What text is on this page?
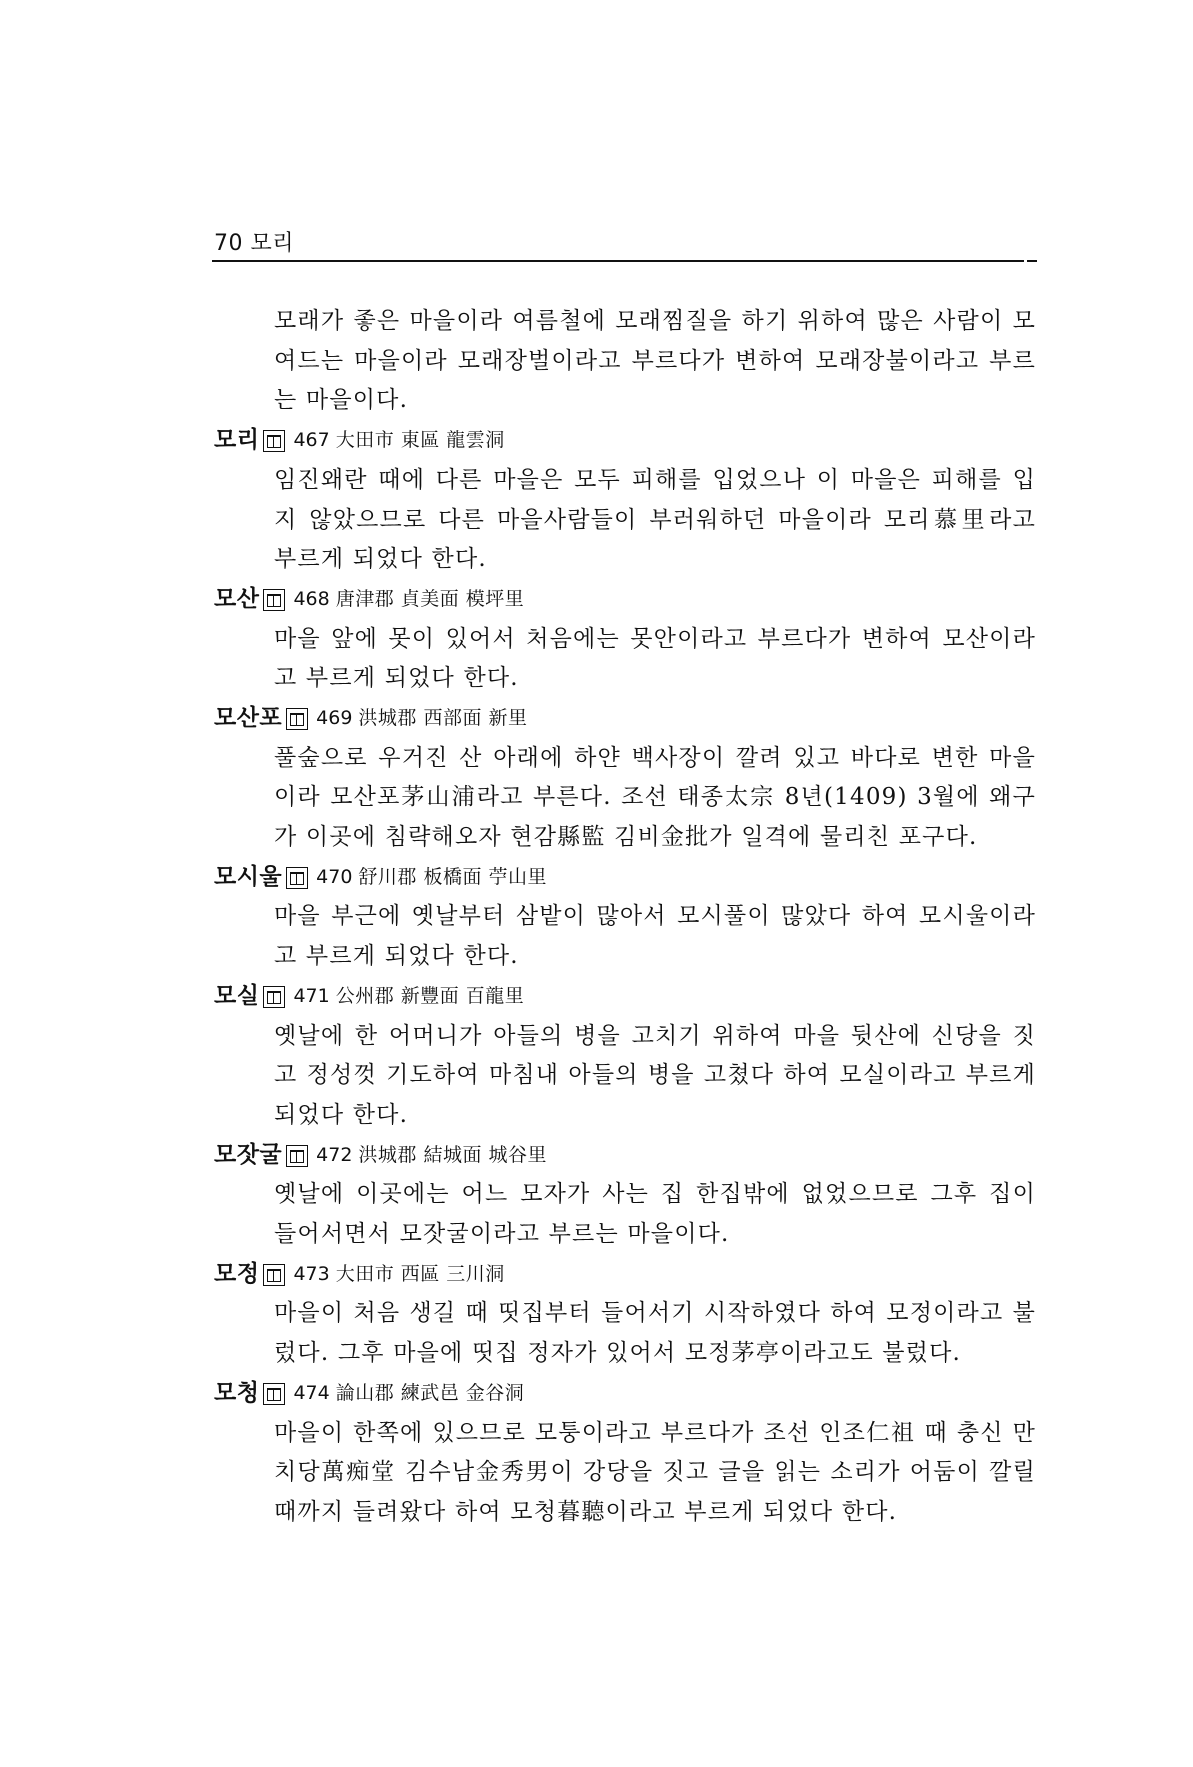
70 모리

모래가 좋은 마을이라 여름철에 모래찜질을 하기 위하여 많은 사람이 모여드는 마을이라 모래장벌이라고 부르다가 변하여 모래장불이라고 부르는 마을이다.

모리 467 大田市 東區 龍雲洞

임진왜란 때에 다른 마을은 모두 피해를 입었으나 이 마을은 피해를 입지 않았으므로 다른 마을사람들이 부러워하던 마을이라 모리慕里라고 부르게 되었다 한다.

모산 468 唐津郡 貞美面 模坪里

마을 앞에 못이 있어서 처음에는 못안이라고 부르다가 변하여 모산이라고 부르게 되었다 한다.

모산포 469 洪城郡 西部面 新里

풀숲으로 우거진 산 아래에 하얀 백사장이 깔려 있고 바다로 변한 마을이라 모산포茅山浦라고 부른다. 조선 태종太宗 8년(1409) 3월에 왜구가 이곳에 침략해오자 현감縣監 김비金批가 일격에 물리친 포구다.

모시울 470 舒川郡 板橋面 苧山里

마을 부근에 옛날부터 삼밭이 많아서 모시풀이 많았다 하여 모시울이라고 부르게 되었다 한다.

모실 471 公州郡 新豐面 百龍里

옛날에 한 어머니가 아들의 병을 고치기 위하여 마을 뒷산에 신당을 짓고 정성껏 기도하여 마침내 아들의 병을 고쳤다 하여 모실이라고 부르게 되었다 한다.

모잣굴 472 洪城郡 結城面 城谷里

옛날에 이곳에는 어느 모자가 사는 집 한집밖에 없었으므로 그후 집이 들어서면서 모잣굴이라고 부르는 마을이다.

모정 473 大田市 西區 三川洞

마을이 처음 생길 때 띳집부터 들어서기 시작하였다 하여 모정이라고 불렀다. 그후 마을에 띳집 정자가 있어서 모정茅亭이라고도 불렀다.

모청 474 論山郡 練武邑 金谷洞

마을이 한쪽에 있으므로 모퉁이라고 부르다가 조선 인조仁祖 때 충신 만치당萬痴堂 김수남金秀男이 강당을 짓고 글을 읽는 소리가 어둠이 깔릴 때까지 들려왔다 하여 모청暮聽이라고 부르게 되었다 한다.
